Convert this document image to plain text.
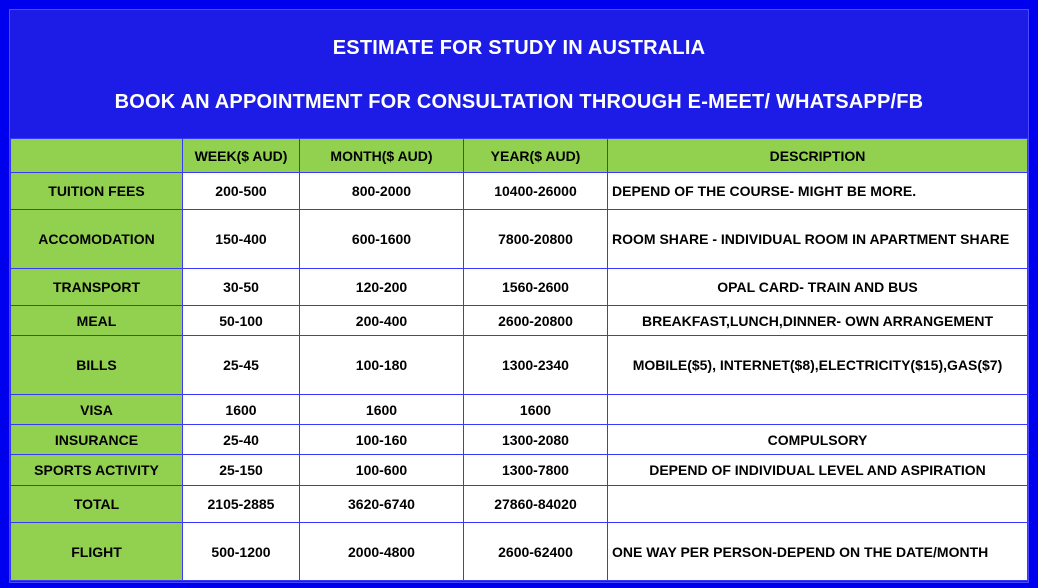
ESTIMATE FOR STUDY IN AUSTRALIA
BOOK AN APPOINTMENT FOR CONSULTATION THROUGH E-MEET/ WHATSAPP/FB
	WEEK($ AUD)	MONTH($ AUD)	YEAR($ AUD)	DESCRIPTION
TUITION FEES	200-500	800-2000	10400-26000	DEPEND OF THE COURSE- MIGHT BE MORE.
ACCOMODATION	150-400	600-1600	7800-20800	ROOM SHARE - INDIVIDUAL ROOM IN APARTMENT SHARE
TRANSPORT	30-50	120-200	1560-2600	OPAL CARD- TRAIN AND BUS
MEAL	50-100	200-400	2600-20800	BREAKFAST,LUNCH,DINNER- OWN ARRANGEMENT
BILLS	25-45	100-180	1300-2340	MOBILE($5), INTERNET($8),ELECTRICITY($15),GAS($7)
VISA	1600	1600	1600	
INSURANCE	25-40	100-160	1300-2080	COMPULSORY
SPORTS ACTIVITY	25-150	100-600	1300-7800	DEPEND OF INDIVIDUAL LEVEL AND ASPIRATION
TOTAL	2105-2885	3620-6740	27860-84020	
FLIGHT	500-1200	2000-4800	2600-62400	ONE WAY PER PERSON-DEPEND ON THE DATE/MONTH
